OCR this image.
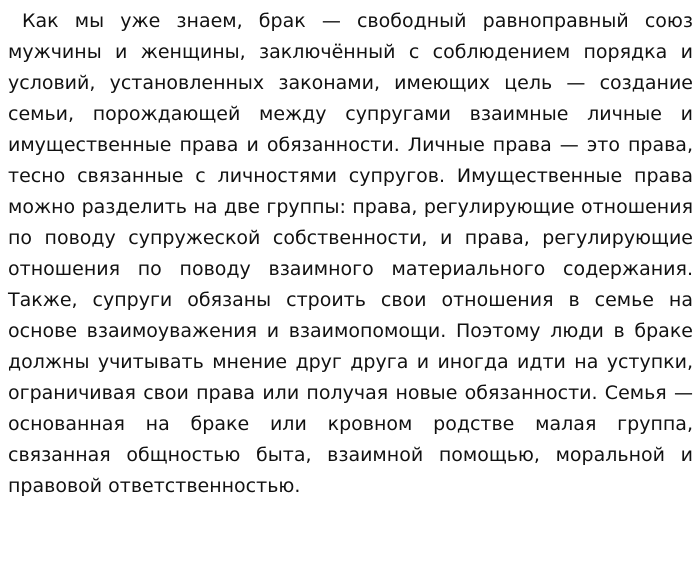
Как мы уже знаем, брак — свободный равноправный союз мужчины и женщины, заключённый с соблюдением порядка и условий, установленных законами, имеющих цель — создание семьи, порождающей между супругами взаимные личные и имущественные права и обязанности. Личные права — это права, тесно связанные с личностями супругов. Имущественные права можно разделить на две группы: права, регулирующие отношения по поводу супружеской собственности, и права, регулирующие отношения по поводу взаимного материального содержания. Также, супруги обязаны строить свои отношения в семье на основе взаимоуважения и взаимопомощи. Поэтому люди в браке должны учитывать мнение друг друга и иногда идти на уступки, ограничивая свои права или получая новые обязанности. Семья — основанная на браке или кровном родстве малая группа, связанная общностью быта, взаимной помощью, моральной и правовой ответственностью.
